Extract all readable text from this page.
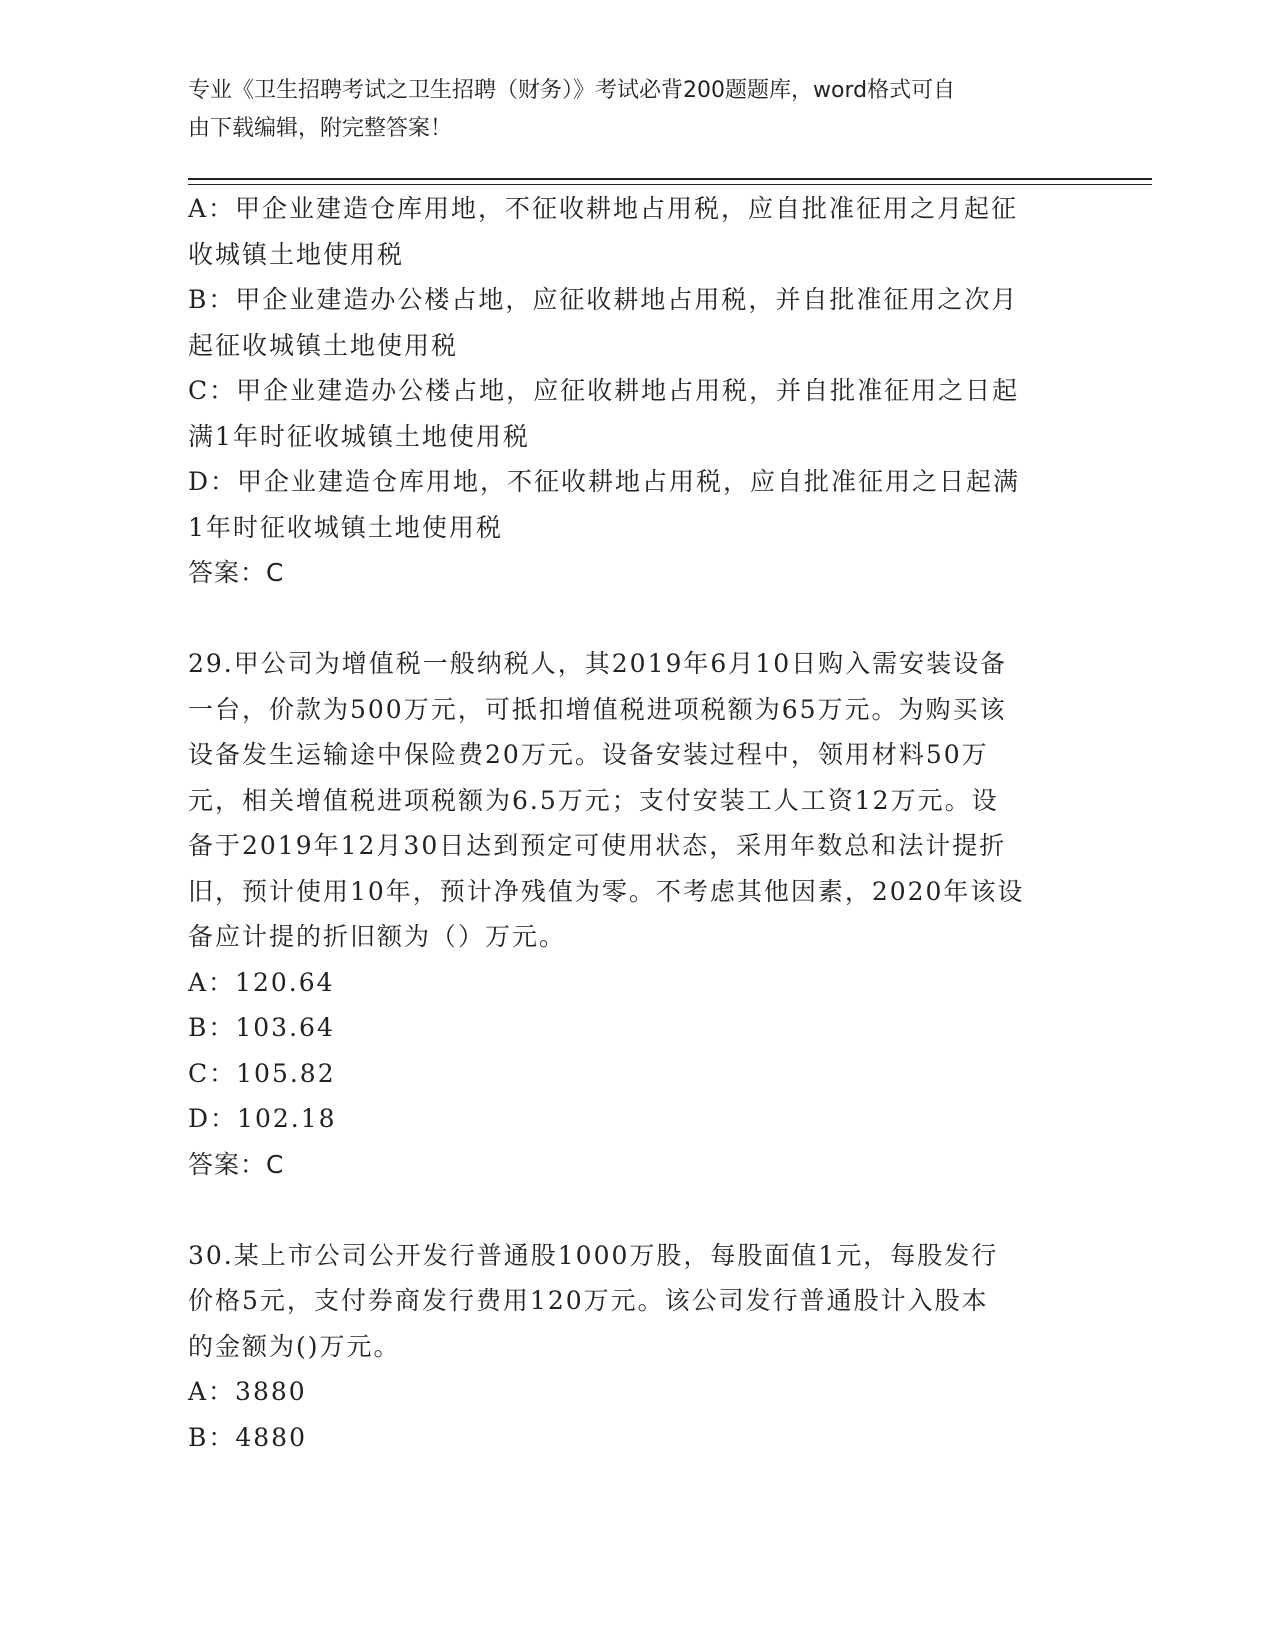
专业《卫生招聘考试之卫生招聘（财务）》考试必背200题题库，word格式可自
由下载编辑，附完整答案！

A：甲企业建造仓库用地，不征收耕地占用税，应自批准征用之月起征

收城镇土地使用税

B：甲企业建造办公楼占地，应征收耕地占用税，并自批准征用之次月

起征收城镇土地使用税

C：甲企业建造办公楼占地，应征收耕地占用税，并自批准征用之日起

满1年时征收城镇土地使用税

D：甲企业建造仓库用地，不征收耕地占用税，应自批准征用之日起满

1年时征收城镇土地使用税

答案：C

29.甲公司为增值税一般纳税人，其2019年6月10日购入需安装设备

一台，价款为500万元，可抵扣增值税进项税额为65万元。为购买该

设备发生运输途中保险费20万元。设备安装过程中，领用材料50万

元，相关增值税进项税额为6.5万元；支付安装工人工资12万元。设

备于2019年12月30日达到预定可使用状态，采用年数总和法计提折

旧，预计使用10年，预计净残值为零。不考虑其他因素，2020年该设

备应计提的折旧额为（）万元。

A：120.64

B：103.64

C：105.82

D：102.18

答案：C

30.某上市公司公开发行普通股1000万股，每股面值1元，每股发行

价格5元，支付券商发行费用120万元。该公司发行普通股计入股本

的金额为()万元。

A：3880

B：4880
